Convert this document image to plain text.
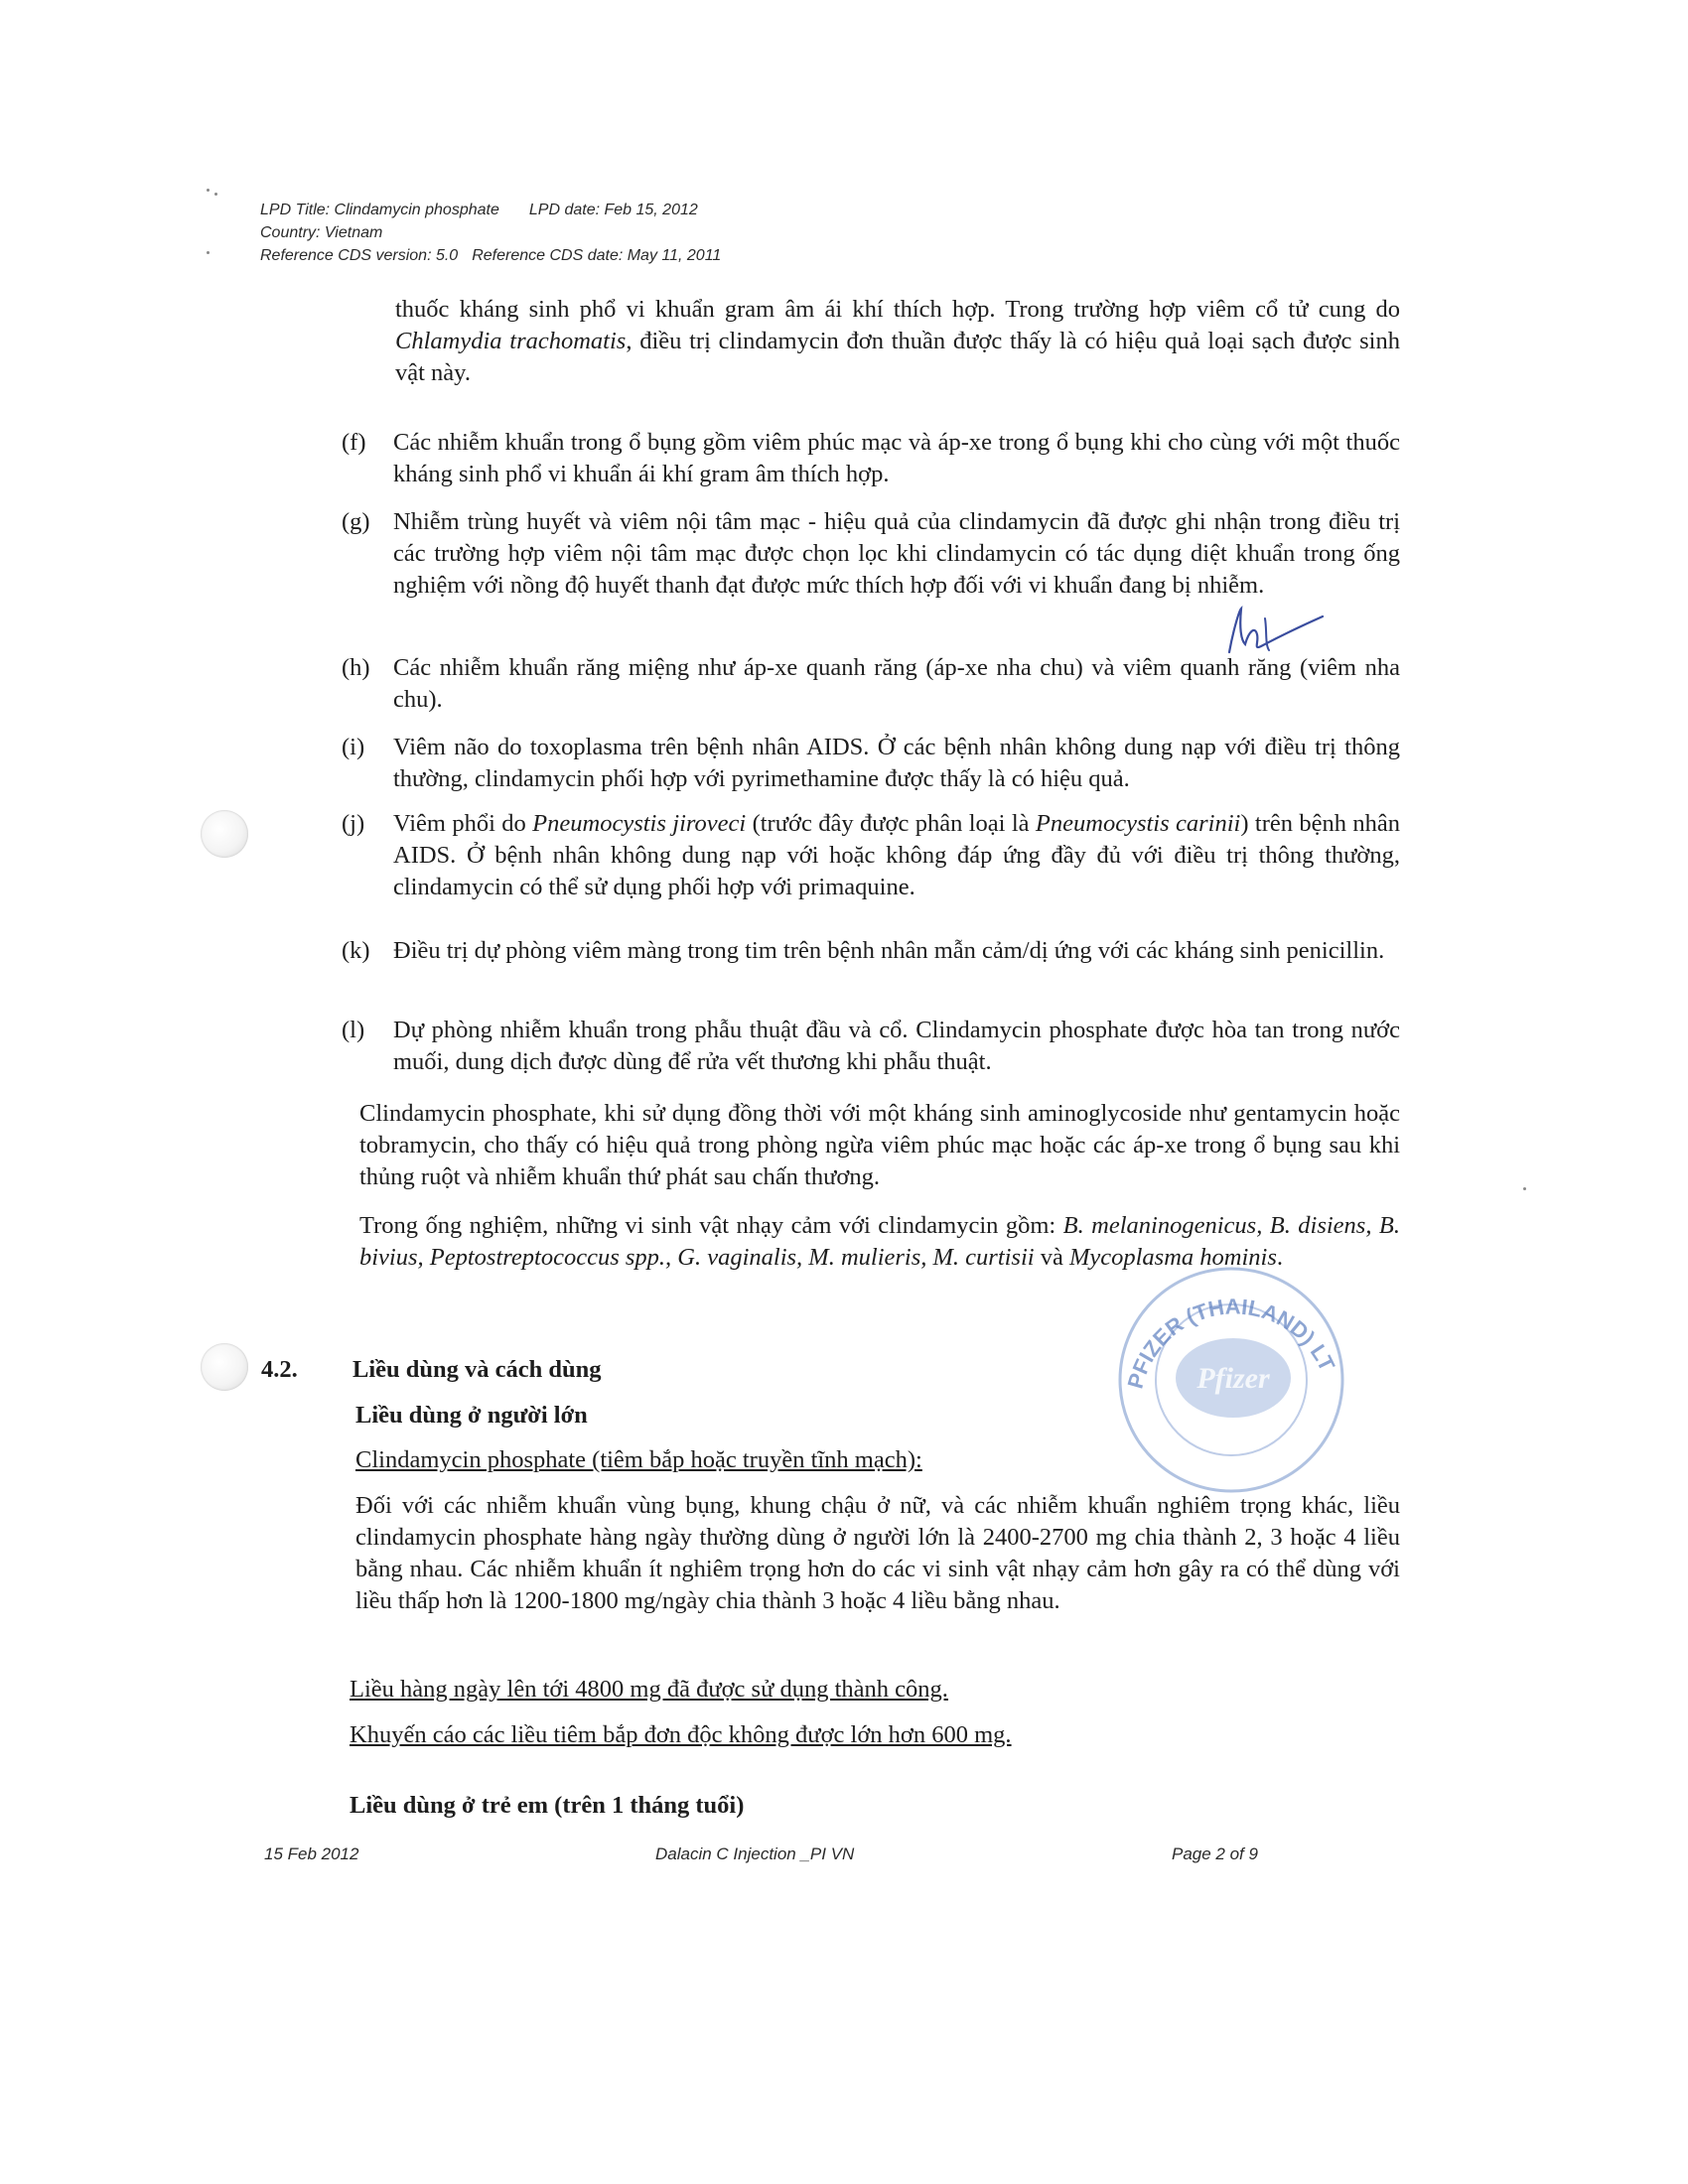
LPD Title: Clindamycin phosphate LPD date: Feb 15, 2012
Country: Vietnam
Reference CDS version: 5.0 Reference CDS date: May 11, 2011
thuốc kháng sinh phổ vi khuẩn gram âm ái khí thích hợp. Trong trường hợp viêm cổ tử cung do Chlamydia trachomatis, điều trị clindamycin đơn thuần được thấy là có hiệu quả loại sạch được sinh vật này.
(f) Các nhiễm khuẩn trong ổ bụng gồm viêm phúc mạc và áp-xe trong ổ bụng khi cho cùng với một thuốc kháng sinh phổ vi khuẩn ái khí gram âm thích hợp.
(g) Nhiễm trùng huyết và viêm nội tâm mạc - hiệu quả của clindamycin đã được ghi nhận trong điều trị các trường hợp viêm nội tâm mạc được chọn lọc khi clindamycin có tác dụng diệt khuẩn trong ống nghiệm với nồng độ huyết thanh đạt được mức thích hợp đối với vi khuẩn đang bị nhiễm.
(h) Các nhiễm khuẩn răng miệng như áp-xe quanh răng (áp-xe nha chu) và viêm quanh răng (viêm nha chu).
(i) Viêm não do toxoplasma trên bệnh nhân AIDS. Ở các bệnh nhân không dung nạp với điều trị thông thường, clindamycin phối hợp với pyrimethamine được thấy là có hiệu quả.
(j) Viêm phổi do Pneumocystis jiroveci (trước đây được phân loại là Pneumocystis carinii) trên bệnh nhân AIDS. Ở bệnh nhân không dung nạp với hoặc không đáp ứng đầy đủ với điều trị thông thường, clindamycin có thể sử dụng phối hợp với primaquine.
(k) Điều trị dự phòng viêm màng trong tim trên bệnh nhân mẫn cảm/dị ứng với các kháng sinh penicillin.
(l) Dự phòng nhiễm khuẩn trong phẫu thuật đầu và cổ. Clindamycin phosphate được hòa tan trong nước muối, dung dịch được dùng để rửa vết thương khi phẫu thuật.
Clindamycin phosphate, khi sử dụng đồng thời với một kháng sinh aminoglycoside như gentamycin hoặc tobramycin, cho thấy có hiệu quả trong phòng ngừa viêm phúc mạc hoặc các áp-xe trong ổ bụng sau khi thủng ruột và nhiễm khuẩn thứ phát sau chấn thương.
Trong ống nghiệm, những vi sinh vật nhạy cảm với clindamycin gồm: B. melaninogenicus, B. disiens, B. bivius, Peptostreptococcus spp., G. vaginalis, M. mulieris, M. curtisii và Mycoplasma hominis.
4.2. Liều dùng và cách dùng
Liều dùng ở người lớn
Clindamycin phosphate (tiêm bắp hoặc truyền tĩnh mạch):
Đối với các nhiễm khuẩn vùng bụng, khung chậu ở nữ, và các nhiễm khuẩn nghiêm trọng khác, liều clindamycin phosphate hàng ngày thường dùng ở người lớn là 2400-2700 mg chia thành 2, 3 hoặc 4 liều bằng nhau. Các nhiễm khuẩn ít nghiêm trọng hơn do các vi sinh vật nhạy cảm hơn gây ra có thể dùng với liều thấp hơn là 1200-1800 mg/ngày chia thành 3 hoặc 4 liều bằng nhau.
Liều hàng ngày lên tới 4800 mg đã được sử dụng thành công.
Khuyến cáo các liều tiêm bắp đơn độc không được lớn hơn 600 mg.
Liều dùng ở trẻ em (trên 1 tháng tuổi)
PFIZER (THAILAND) LT
Pfizer
15 Feb 2012	Dalacin C Injection _PI VN	Page 2 of 9
